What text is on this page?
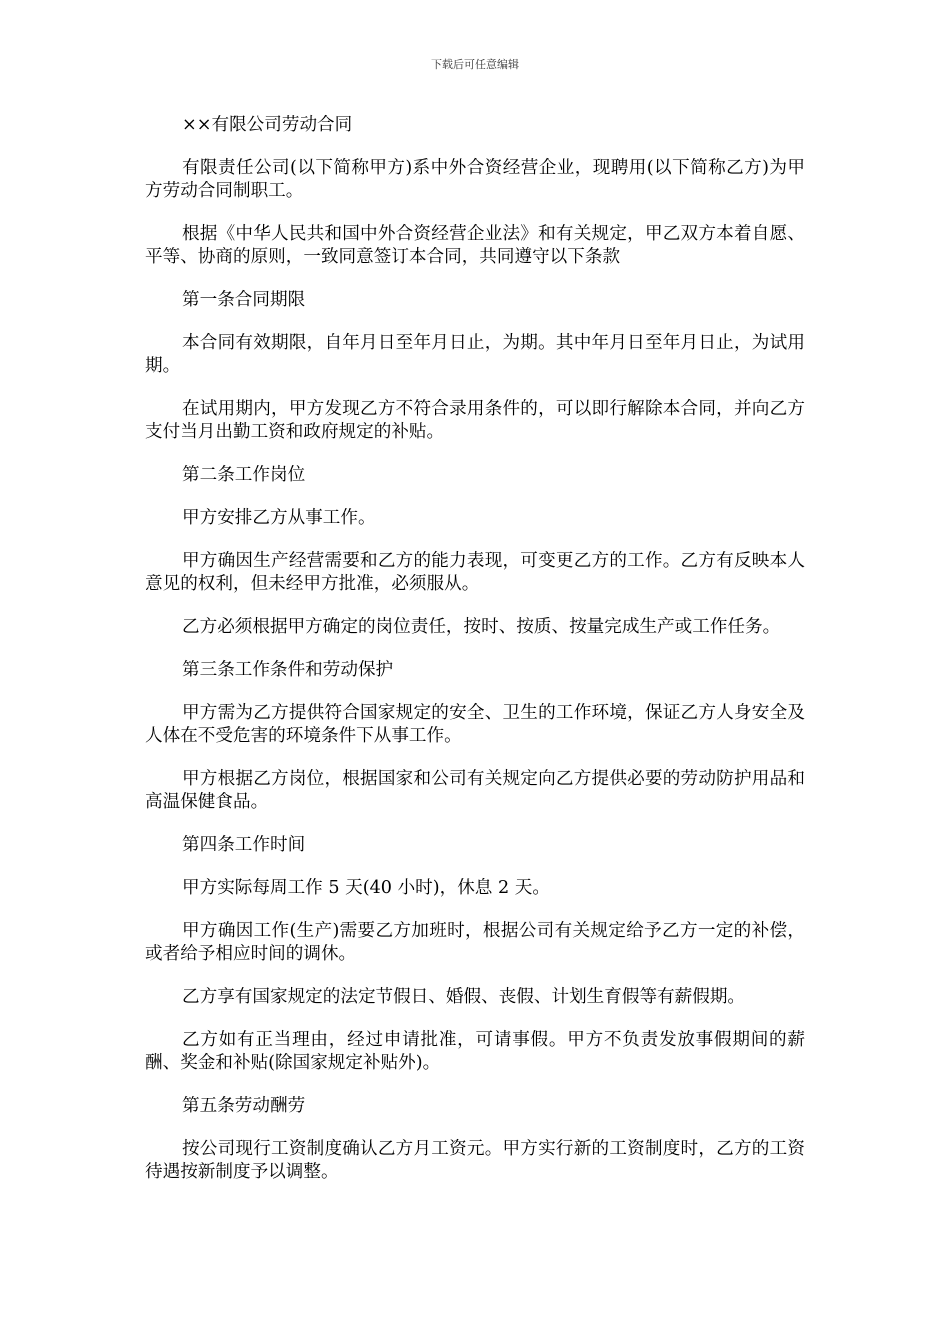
下载后可任意编辑

××有限公司劳动合同

有限责任公司(以下简称甲方)系中外合资经营企业，现聘用(以下简称乙方)为甲方劳动合同制职工。

根据《中华人民共和国中外合资经营企业法》和有关规定，甲乙双方本着自愿、平等、协商的原则，一致同意签订本合同，共同遵守以下条款

第一条合同期限

本合同有效期限，自年月日至年月日止，为期。其中年月日至年月日止，为试用期。

在试用期内，甲方发现乙方不符合录用条件的，可以即行解除本合同，并向乙方支付当月出勤工资和政府规定的补贴。

第二条工作岗位

甲方安排乙方从事工作。

甲方确因生产经营需要和乙方的能力表现，可变更乙方的工作。乙方有反映本人意见的权利，但未经甲方批准，必须服从。

乙方必须根据甲方确定的岗位责任，按时、按质、按量完成生产或工作任务。

第三条工作条件和劳动保护

甲方需为乙方提供符合国家规定的安全、卫生的工作环境，保证乙方人身安全及人体在不受危害的环境条件下从事工作。

甲方根据乙方岗位，根据国家和公司有关规定向乙方提供必要的劳动防护用品和高温保健食品。

第四条工作时间

甲方实际每周工作 5 天(40 小时)，休息 2 天。

甲方确因工作(生产)需要乙方加班时，根据公司有关规定给予乙方一定的补偿，或者给予相应时间的调休。

乙方享有国家规定的法定节假日、婚假、丧假、计划生育假等有薪假期。

乙方如有正当理由，经过申请批准，可请事假。甲方不负责发放事假期间的薪酬、奖金和补贴(除国家规定补贴外)。

第五条劳动酬劳

按公司现行工资制度确认乙方月工资元。甲方实行新的工资制度时，乙方的工资待遇按新制度予以调整。
